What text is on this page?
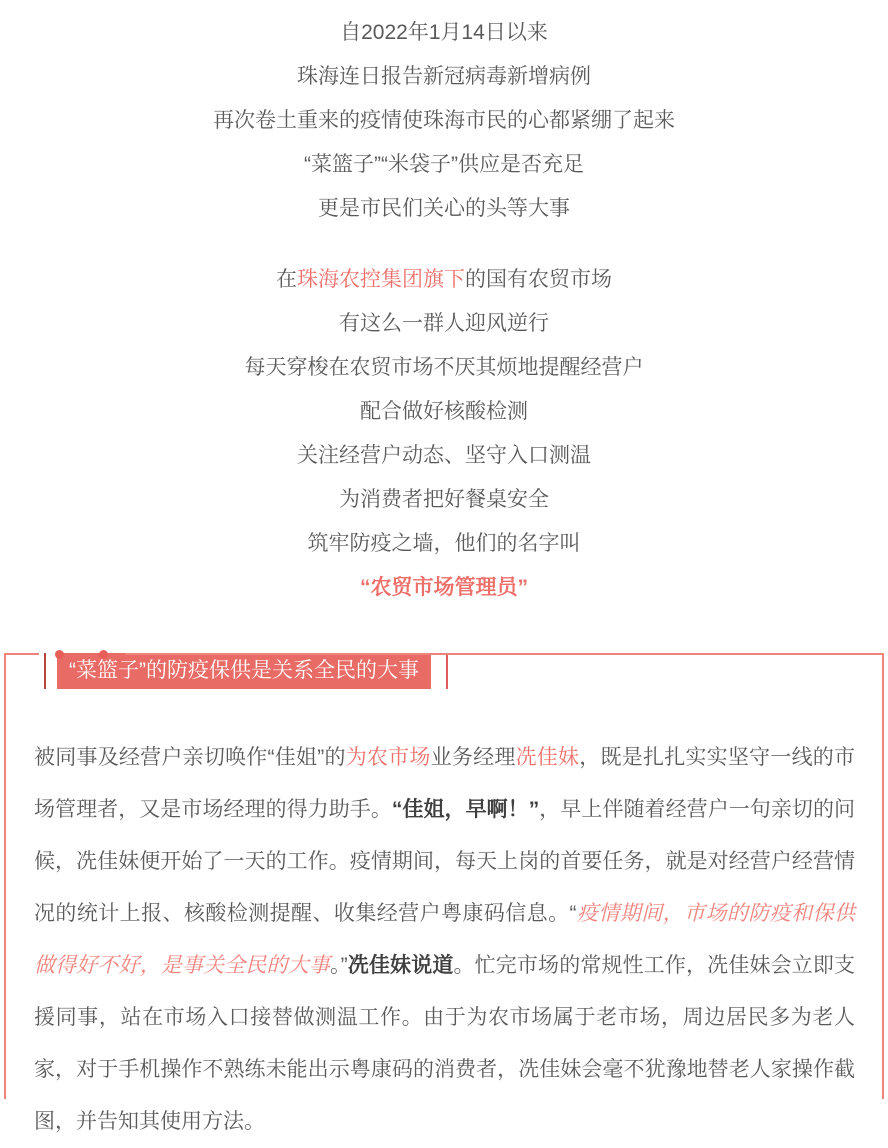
自2022年1月14日以来
珠海连日报告新冠病毒新增病例
再次卷土重来的疫情使珠海市民的心都紧绷了起来
“菜篮子”“米袋子”供应是否充足
更是市民们关心的头等大事
在珠海农控集团旗下的国有农贸市场
有这么一群人迎风逆行
每天穿梭在农贸市场不厌其烦地提醒经营户
配合做好核酸检测
关注经营户动态、坚守入口测温
为消费者把好餐桌安全
筑牢防疫之墙，他们的名字叫
“农贸市场管理员”
“菜篮子”的防疫保供是关系全民的大事
被同事及经营户亲切唤作“佳姐”的为农市场业务经理冼佳妹，既是扎扎实实坚守一线的市场管理者，又是市场经理的得力助手。“佳姐，早啊！”，早上伴随着经营户一句亲切的问候，冼佳妹便开始了一天的工作。疫情期间，每天上岗的首要任务，就是对经营户经营情况的统计上报、核酸检测提醒、收集经营户粤康码信息。“疫情期间，市场的防疫和保供做得好不好，是事关全民的大事。”冼佳妹说道。忙完市场的常规性工作，冼佳妹会立即支援同事，站在市场入口接替做测温工作。由于为农市场属于老市场，周边居民多为老人家，对于手机操作不熟练未能出示粤康码的消费者，冼佳妹会毫不犹豫地替老人家操作截图，并告知其使用方法。
